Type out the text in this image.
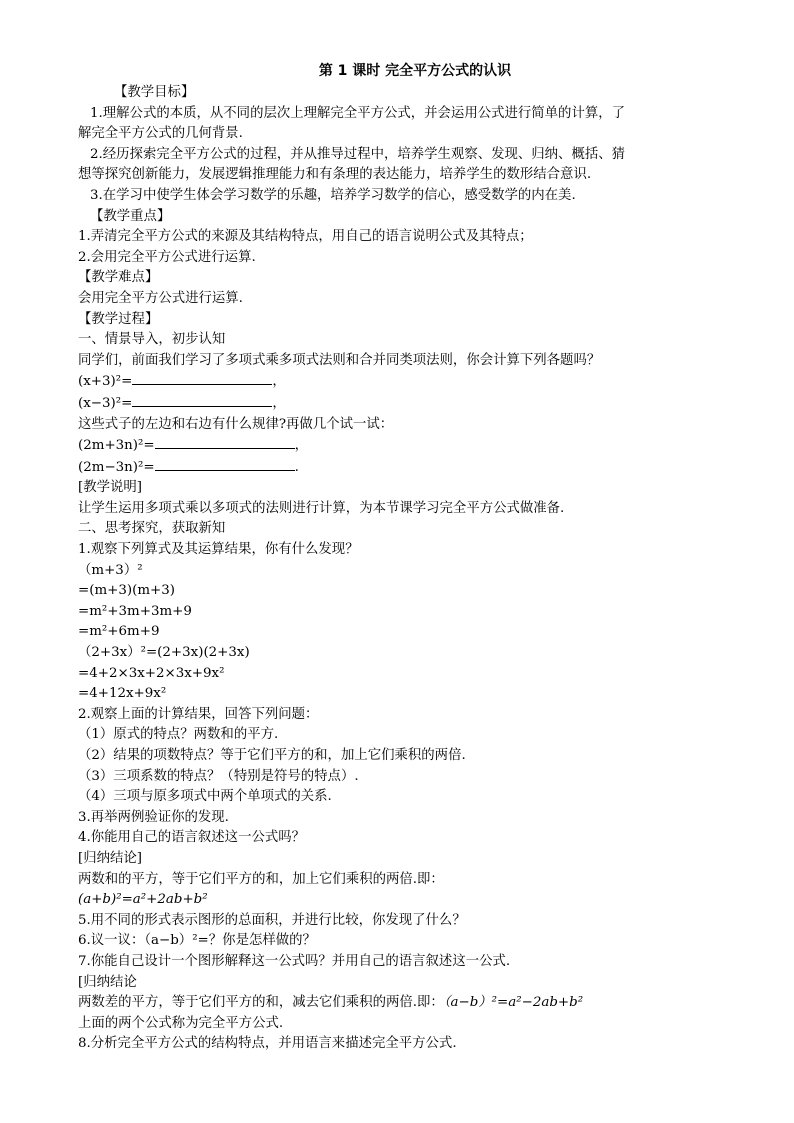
第 1 课时 完全平方公式的认识
【教学目标】
1.理解公式的本质，从不同的层次上理解完全平方公式，并会运用公式进行简单的计算，了
解完全平方公式的几何背景.
2.经历探索完全平方公式的过程，并从推导过程中，培养学生观察、发现、归纳、概括、猜
想等探究创新能力，发展逻辑推理能力和有条理的表达能力，培养学生的数形结合意识.
3.在学习中使学生体会学习数学的乐趣，培养学习数学的信心，感受数学的内在美.
【教学重点】
1.弄清完全平方公式的来源及其结构特点，用自己的语言说明公式及其特点；
2.会用完全平方公式进行运算.
【教学难点】
会用完全平方公式进行运算.
【教学过程】
一、情景导入，初步认知
同学们，前面我们学习了多项式乘多项式法则和合并同类项法则，你会计算下列各题吗？
(x+3)²=	，
(x−3)²=	，
这些式子的左边和右边有什么规律?再做几个试一试：
(2m+3n)²=	，
(2m−3n)²=	.
[教学说明]
让学生运用多项式乘以多项式的法则进行计算，为本节课学习完全平方公式做准备.
二、思考探究，获取新知
1.观察下列算式及其运算结果，你有什么发现？
（m+3）²
=(m+3)(m+3)
=m²+3m+3m+9
=m²+6m+9
（2+3x）²=(2+3x)(2+3x)
=4+2×3x+2×3x+9x²
=4+12x+9x²
2.观察上面的计算结果，回答下列问题：
（1）原式的特点？两数和的平方.
（2）结果的项数特点？等于它们平方的和，加上它们乘积的两倍.
（3）三项系数的特点？（特别是符号的特点）.
（4）三项与原多项式中两个单项式的关系.
3.再举两例验证你的发现.
4.你能用自己的语言叙述这一公式吗？
[归纳结论]
两数和的平方，等于它们平方的和，加上它们乘积的两倍.即：
(a+b)²=a²+2ab+b²
5.用不同的形式表示图形的总面积，并进行比较，你发现了什么？
6.议一议：（a−b）²=？你是怎样做的？
7.你能自己设计一个图形解释这一公式吗？并用自己的语言叙述这一公式.
[归纳结论
两数差的平方，等于它们平方的和，减去它们乘积的两倍.即：（a−b）²=a²−2ab+b²
上面的两个公式称为完全平方公式.
8.分析完全平方公式的结构特点，并用语言来描述完全平方公式.
